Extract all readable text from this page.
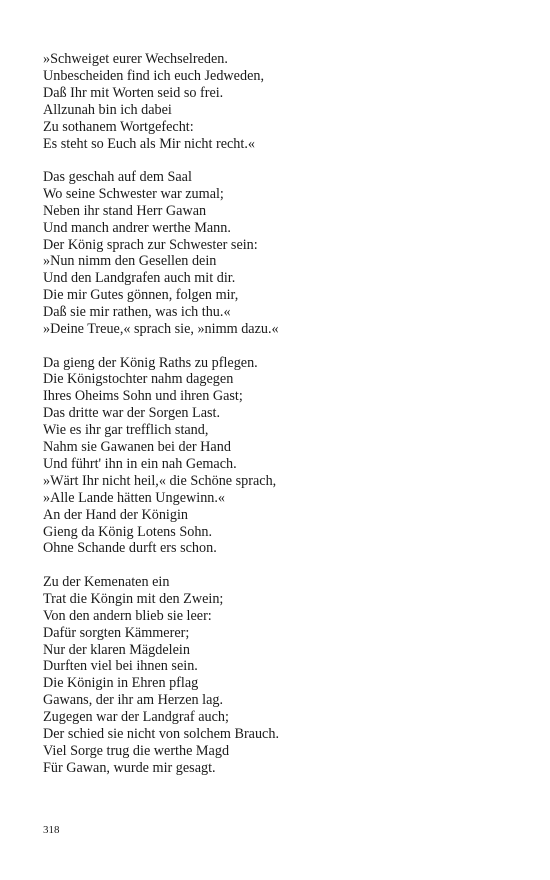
»Schweiget eurer Wechselreden.
Unbescheiden find ich euch Jedweden,
Daß Ihr mit Worten seid so frei.
Allzunah bin ich dabei
Zu sothanem Wortgefecht:
Es steht so Euch als Mir nicht recht.«
Das geschah auf dem Saal
Wo seine Schwester war zumal;
Neben ihr stand Herr Gawan
Und manch andrer werthe Mann.
Der König sprach zur Schwester sein:
»Nun nimm den Gesellen dein
Und den Landgrafen auch mit dir.
Die mir Gutes gönnen, folgen mir,
Daß sie mir rathen, was ich thu.«
»Deine Treue,« sprach sie, »nimm dazu.«
Da gieng der König Raths zu pflegen.
Die Königstochter nahm dagegen
Ihres Oheims Sohn und ihren Gast;
Das dritte war der Sorgen Last.
Wie es ihr gar trefflich stand,
Nahm sie Gawanen bei der Hand
Und führt' ihn in ein nah Gemach.
»Wärt Ihr nicht heil,« die Schöne sprach,
»Alle Lande hätten Ungewinn.«
An der Hand der Königin
Gieng da König Lotens Sohn.
Ohne Schande durft ers schon.
Zu der Kemenaten ein
Trat die Köngin mit den Zwein;
Von den andern blieb sie leer:
Dafür sorgten Kämmerer;
Nur der klaren Mägdelein
Durften viel bei ihnen sein.
Die Königin in Ehren pflag
Gawans, der ihr am Herzen lag.
Zugegen war der Landgraf auch;
Der schied sie nicht von solchem Brauch.
Viel Sorge trug die werthe Magd
Für Gawan, wurde mir gesagt.
318
